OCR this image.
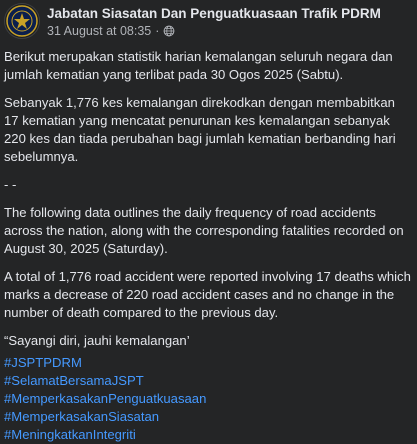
Jabatan Siasatan Dan Penguatkuasaan Trafik PDRM
31 August at 08:35 ·

Berikut merupakan statistik harian kemalangan seluruh negara dan jumlah kematian yang terlibat pada 30 Ogos 2025 (Sabtu).

Sebanyak 1,776 kes kemalangan direkodkan dengan membabitkan 17 kematian yang mencatat penurunan kes kemalangan sebanyak 220 kes dan tiada perubahan bagi jumlah kematian berbanding hari sebelumnya.

- -

The following data outlines the daily frequency of road accidents across the nation, along with the corresponding fatalities recorded on August 30, 2025 (Saturday).

A total of 1,776 road accident were reported involving 17 deaths which marks a decrease of 220 road accident cases and no change in the number of death compared to the previous day.

“Sayangi diri, jauhi kemalangan’

#JSPTPDRM
#SelamatBersamaJSPT
#MemperkasakanPenguatkuasaan
#MemperkasakanSiasatan
#MeningkatkanIntegriti
